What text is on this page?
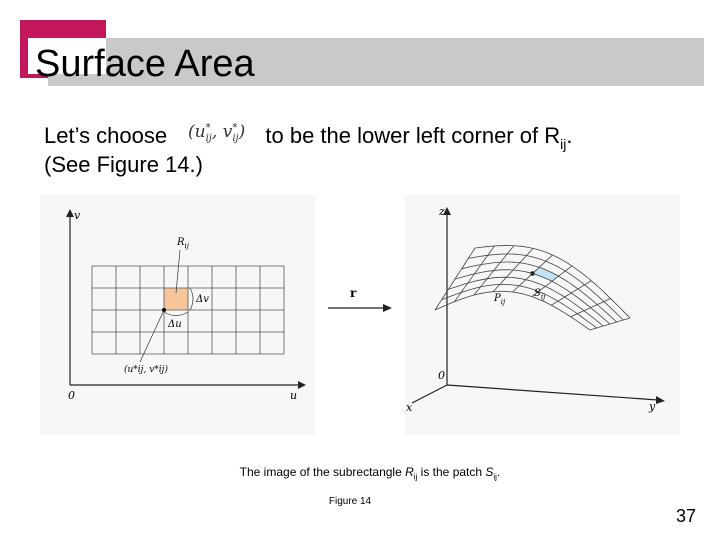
Surface Area
Let’s choose	to be the lower left corner of $R_{ij}$.
($u^*_{ij}$, $v^*_{ij}$)
(See Figure 14.)
v
u
0
$R_{ij}$
Δv
Δu
(u*ij, v*ij)
r
z
y
x
0
$P_{ij}$
$S_{ij}$
The image of the subrectangle $R_{ij}$ is the patch $S_{ij}$.
Figure 14
37
